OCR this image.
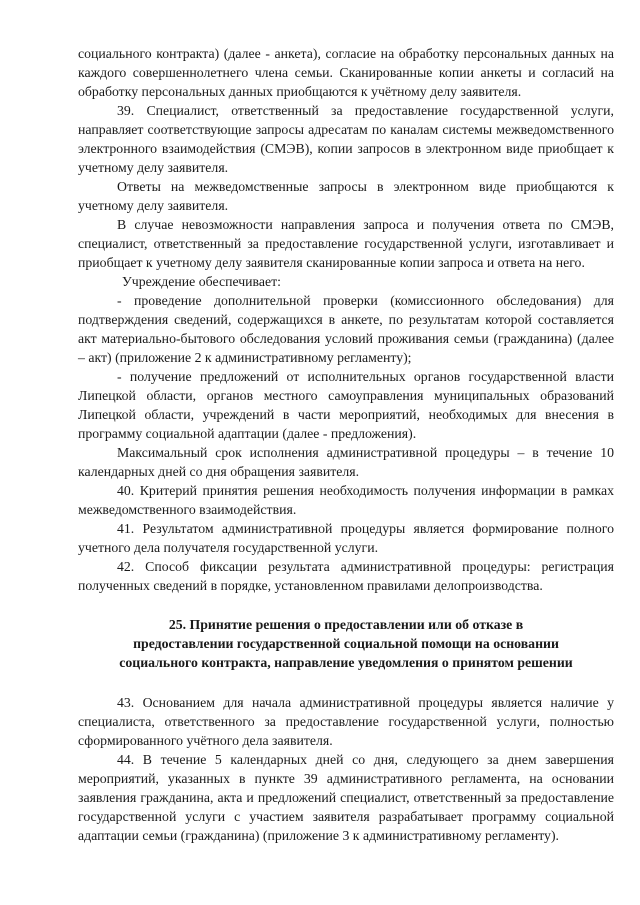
социального контракта) (далее - анкета), согласие на обработку персональных данных на каждого совершеннолетнего члена семьи. Сканированные копии анкеты и согласий на обработку персональных данных приобщаются к учётному делу заявителя.

39. Специалист, ответственный за предоставление государственной услуги, направляет соответствующие запросы адресатам по каналам системы межведомственного электронного взаимодействия (СМЭВ), копии запросов в электронном виде приобщает к учетному делу заявителя.

Ответы на межведомственные запросы в электронном виде приобщаются к учетному делу заявителя.

В случае невозможности направления запроса и получения ответа по СМЭВ, специалист, ответственный за предоставление государственной услуги, изготавливает и приобщает к учетному делу заявителя сканированные копии запроса и ответа на него.

Учреждение обеспечивает:

- проведение дополнительной проверки (комиссионного обследования) для подтверждения сведений, содержащихся в анкете, по результатам которой составляется акт материально-бытового обследования условий проживания семьи (гражданина) (далее – акт) (приложение 2 к административному регламенту);

- получение предложений от исполнительных органов государственной власти Липецкой области, органов местного самоуправления муниципальных образований Липецкой области, учреждений в части мероприятий, необходимых для внесения в программу социальной адаптации (далее - предложения).

Максимальный срок исполнения административной процедуры – в течение 10 календарных дней со дня обращения заявителя.

40. Критерий принятия решения необходимость получения информации в рамках межведомственного взаимодействия.

41. Результатом административной процедуры является формирование полного учетного дела получателя государственной услуги.

42. Способ фиксации результата административной процедуры: регистрация полученных сведений в порядке, установленном правилами делопроизводства.

25. Принятие решения о предоставлении или об отказе в
предоставлении государственной социальной помощи на основании
социального контракта, направление уведомления о принятом решении

43. Основанием для начала административной процедуры является наличие у специалиста, ответственного за предоставление государственной услуги, полностью сформированного учётного дела заявителя.

44. В течение 5 календарных дней со дня, следующего за днем завершения мероприятий, указанных в пункте 39 административного регламента, на основании заявления гражданина, акта и предложений специалист, ответственный за предоставление государственной услуги с участием заявителя разрабатывает программу социальной адаптации семьи (гражданина) (приложение 3 к административному регламенту).
